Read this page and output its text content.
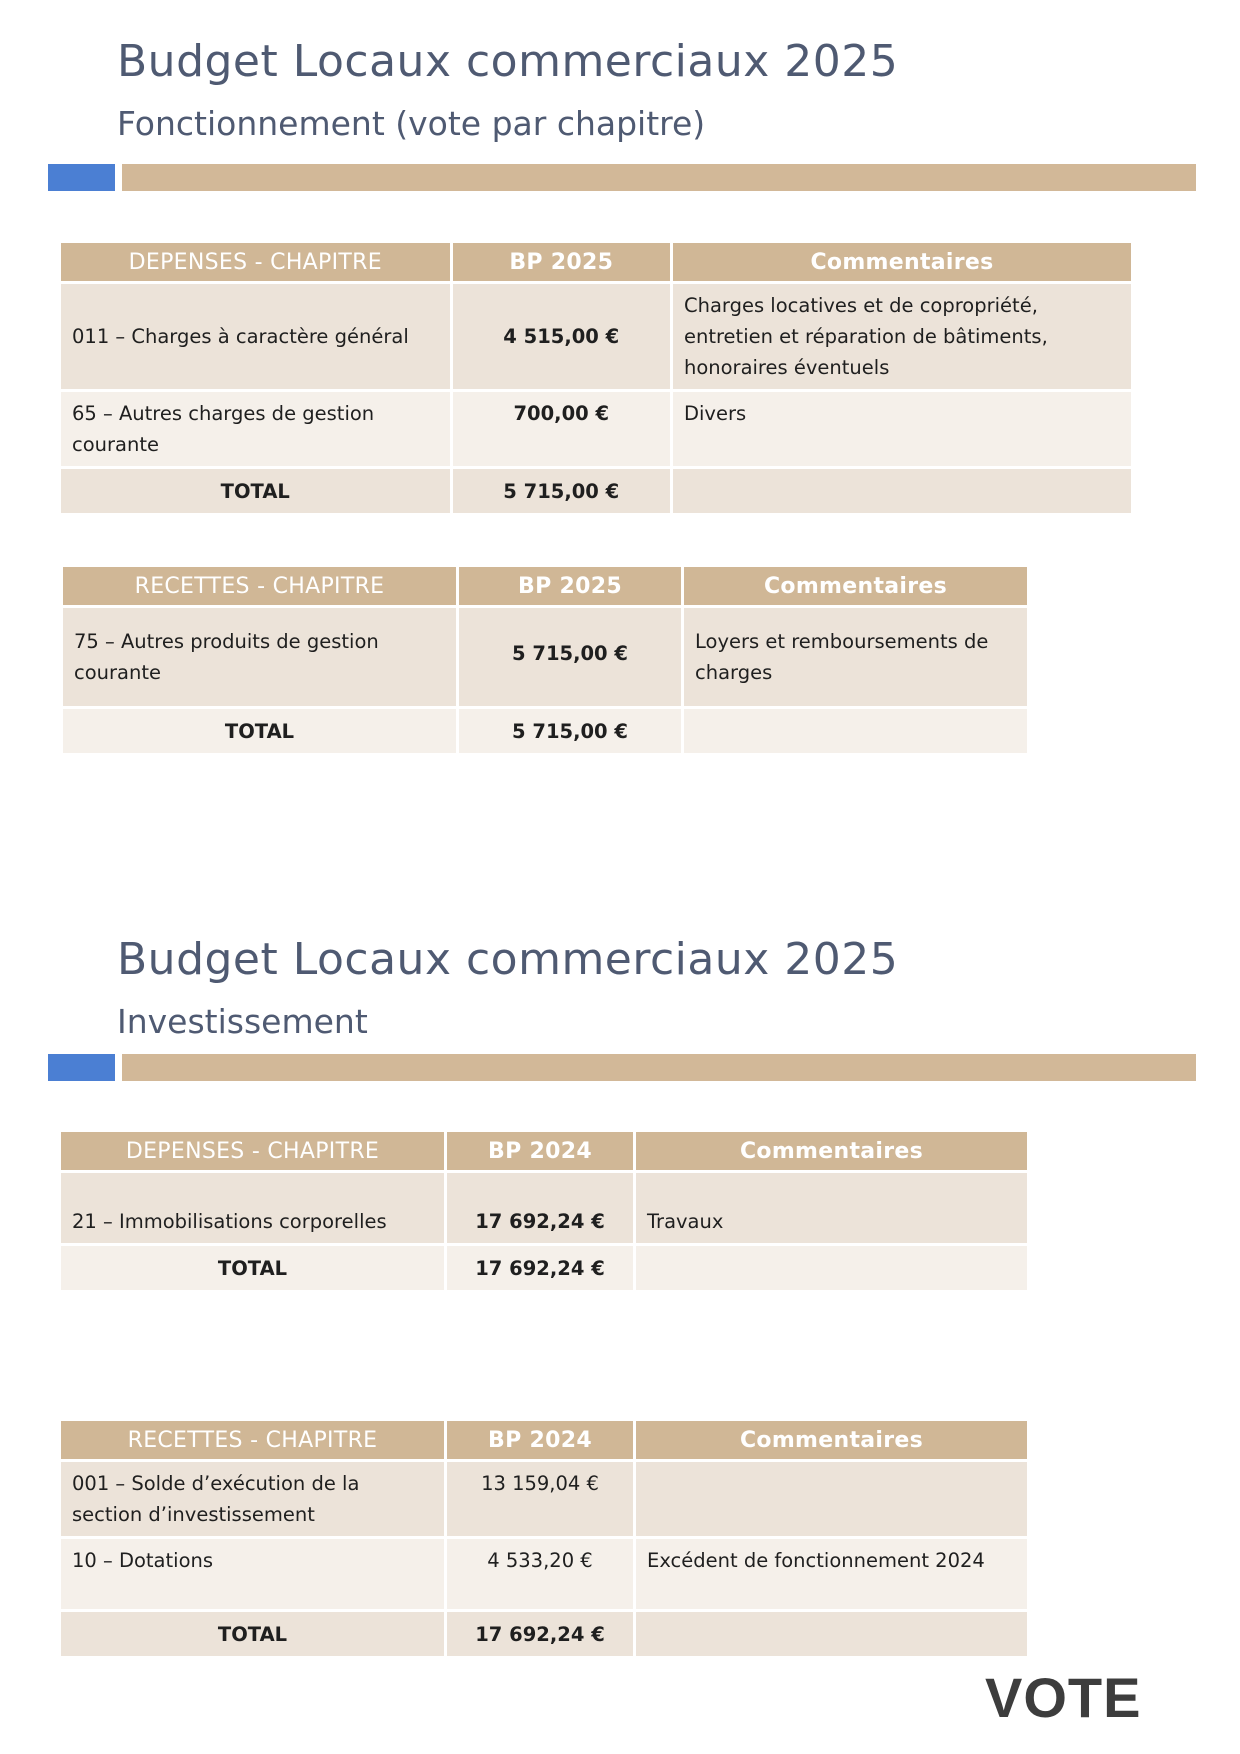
Budget Locaux commerciaux 2025
Fonctionnement (vote par chapitre)
DEPENSES - CHAPITRE	BP 2025	Commentaires
011 – Charges à caractère général	4 515,00 €	Charges locatives et de copropriété, entretien et réparation de bâtiments, honoraires éventuels
65 – Autres charges de gestion courante	700,00 €	Divers
TOTAL	5 715,00 €	
RECETTES - CHAPITRE	BP 2025	Commentaires
75 – Autres produits de gestion courante	5 715,00 €	Loyers et remboursements de charges
TOTAL	5 715,00 €	
Budget Locaux commerciaux 2025
Investissement
DEPENSES - CHAPITRE	BP 2024	Commentaires
21 – Immobilisations corporelles	17 692,24 €	Travaux
TOTAL	17 692,24 €	
RECETTES - CHAPITRE	BP 2024	Commentaires
001 – Solde d’exécution de la section d’investissement	13 159,04 €	
10 – Dotations	4 533,20 €	Excédent de fonctionnement 2024
TOTAL	17 692,24 €	
VOTE
